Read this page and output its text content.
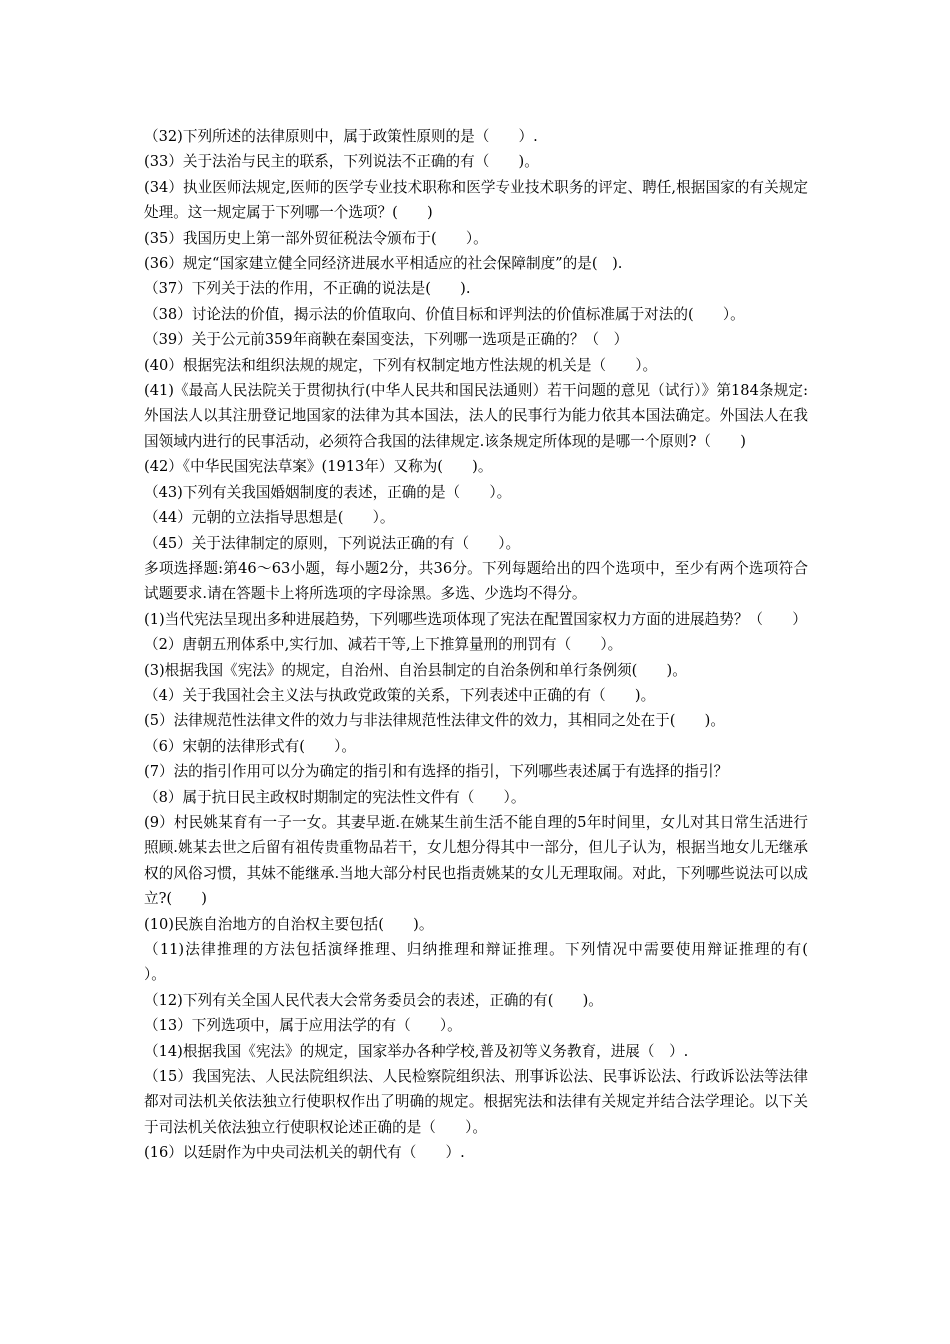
（32)下列所述的法律原则中，属于政策性原则的是（　　）.

(33）关于法治与民主的联系，下列说法不正确的有（　　)。

(34）执业医师法规定,医师的医学专业技术职称和医学专业技术职务的评定、聘任,根据国家的有关规定处理。这一规定属于下列哪一个选项？(　　)

(35）我国历史上第一部外贸征税法令颁布于(　　）。

(36）规定“国家建立健全同经济进展水平相适应的社会保障制度”的是(　).

（37）下列关于法的作用，不正确的说法是(　　).

（38）讨论法的价值，揭示法的价值取向、价值目标和评判法的价值标准属于对法的(　　）。

（39）关于公元前359年商鞅在秦国变法，下列哪一选项是正确的？（　）

(40）根据宪法和组织法规的规定，下列有权制定地方性法规的机关是（　　）。

(41)《最高人民法院关于贯彻执行(中华人民共和国民法通则）若干问题的意见（试行）》第184条规定:外国法人以其注册登记地国家的法律为其本国法，法人的民事行为能力依其本国法确定。外国法人在我国领域内进行的民事活动，必须符合我国的法律规定.该条规定所体现的是哪一个原则?（　　)

(42）《中华民国宪法草案》(1913年）又称为(　　)。

（43)下列有关我国婚姻制度的表述，正确的是（　　）。

（44）元朝的立法指导思想是(　　）。

（45）关于法律制定的原则，下列说法正确的有（　　）。

多项选择题:第46～63小题，每小题2分，共36分。下列每题给出的四个选项中，至少有两个选项符合试题要求.请在答题卡上将所选项的字母涂黑。多选、少选均不得分。

(1)当代宪法呈现出多种进展趋势，下列哪些选项体现了宪法在配置国家权力方面的进展趋势？（　　）

（2）唐朝五刑体系中,实行加、减若干等,上下推算量刑的刑罚有（　　）。

(3)根据我国《宪法》的规定，自治州、自治县制定的自治条例和单行条例须(　　)。

（4）关于我国社会主义法与执政党政策的关系，下列表述中正确的有（　　)。

(5）法律规范性法律文件的效力与非法律规范性法律文件的效力，其相同之处在于(　　)。

（6）宋朝的法律形式有(　　）。

(7）法的指引作用可以分为确定的指引和有选择的指引，下列哪些表述属于有选择的指引？

（8）属于抗日民主政权时期制定的宪法性文件有（　　）。

(9）村民姚某育有一子一女。其妻早逝.在姚某生前生活不能自理的5年时间里，女儿对其日常生活进行照顾.姚某去世之后留有祖传贵重物品若干，女儿想分得其中一部分，但儿子认为，根据当地女儿无继承权的风俗习惯，其妹不能继承.当地大部分村民也指责姚某的女儿无理取闹。对此，下列哪些说法可以成立?(　　)

(10)民族自治地方的自治权主要包括(　　)。

（11)法律推理的方法包括演绎推理、归纳推理和辩证推理。下列情况中需要使用辩证推理的有(　　）。

（12)下列有关全国人民代表大会常务委员会的表述，正确的有(　　)。

（13）下列选项中，属于应用法学的有（　　）。

（14)根据我国《宪法》的规定，国家举办各种学校,普及初等义务教育，进展（　）.

（15）我国宪法、人民法院组织法、人民检察院组织法、刑事诉讼法、民事诉讼法、行政诉讼法等法律都对司法机关依法独立行使职权作出了明确的规定。根据宪法和法律有关规定并结合法学理论。以下关于司法机关依法独立行使职权论述正确的是（　　）。

(16）以廷尉作为中央司法机关的朝代有（　　）.
